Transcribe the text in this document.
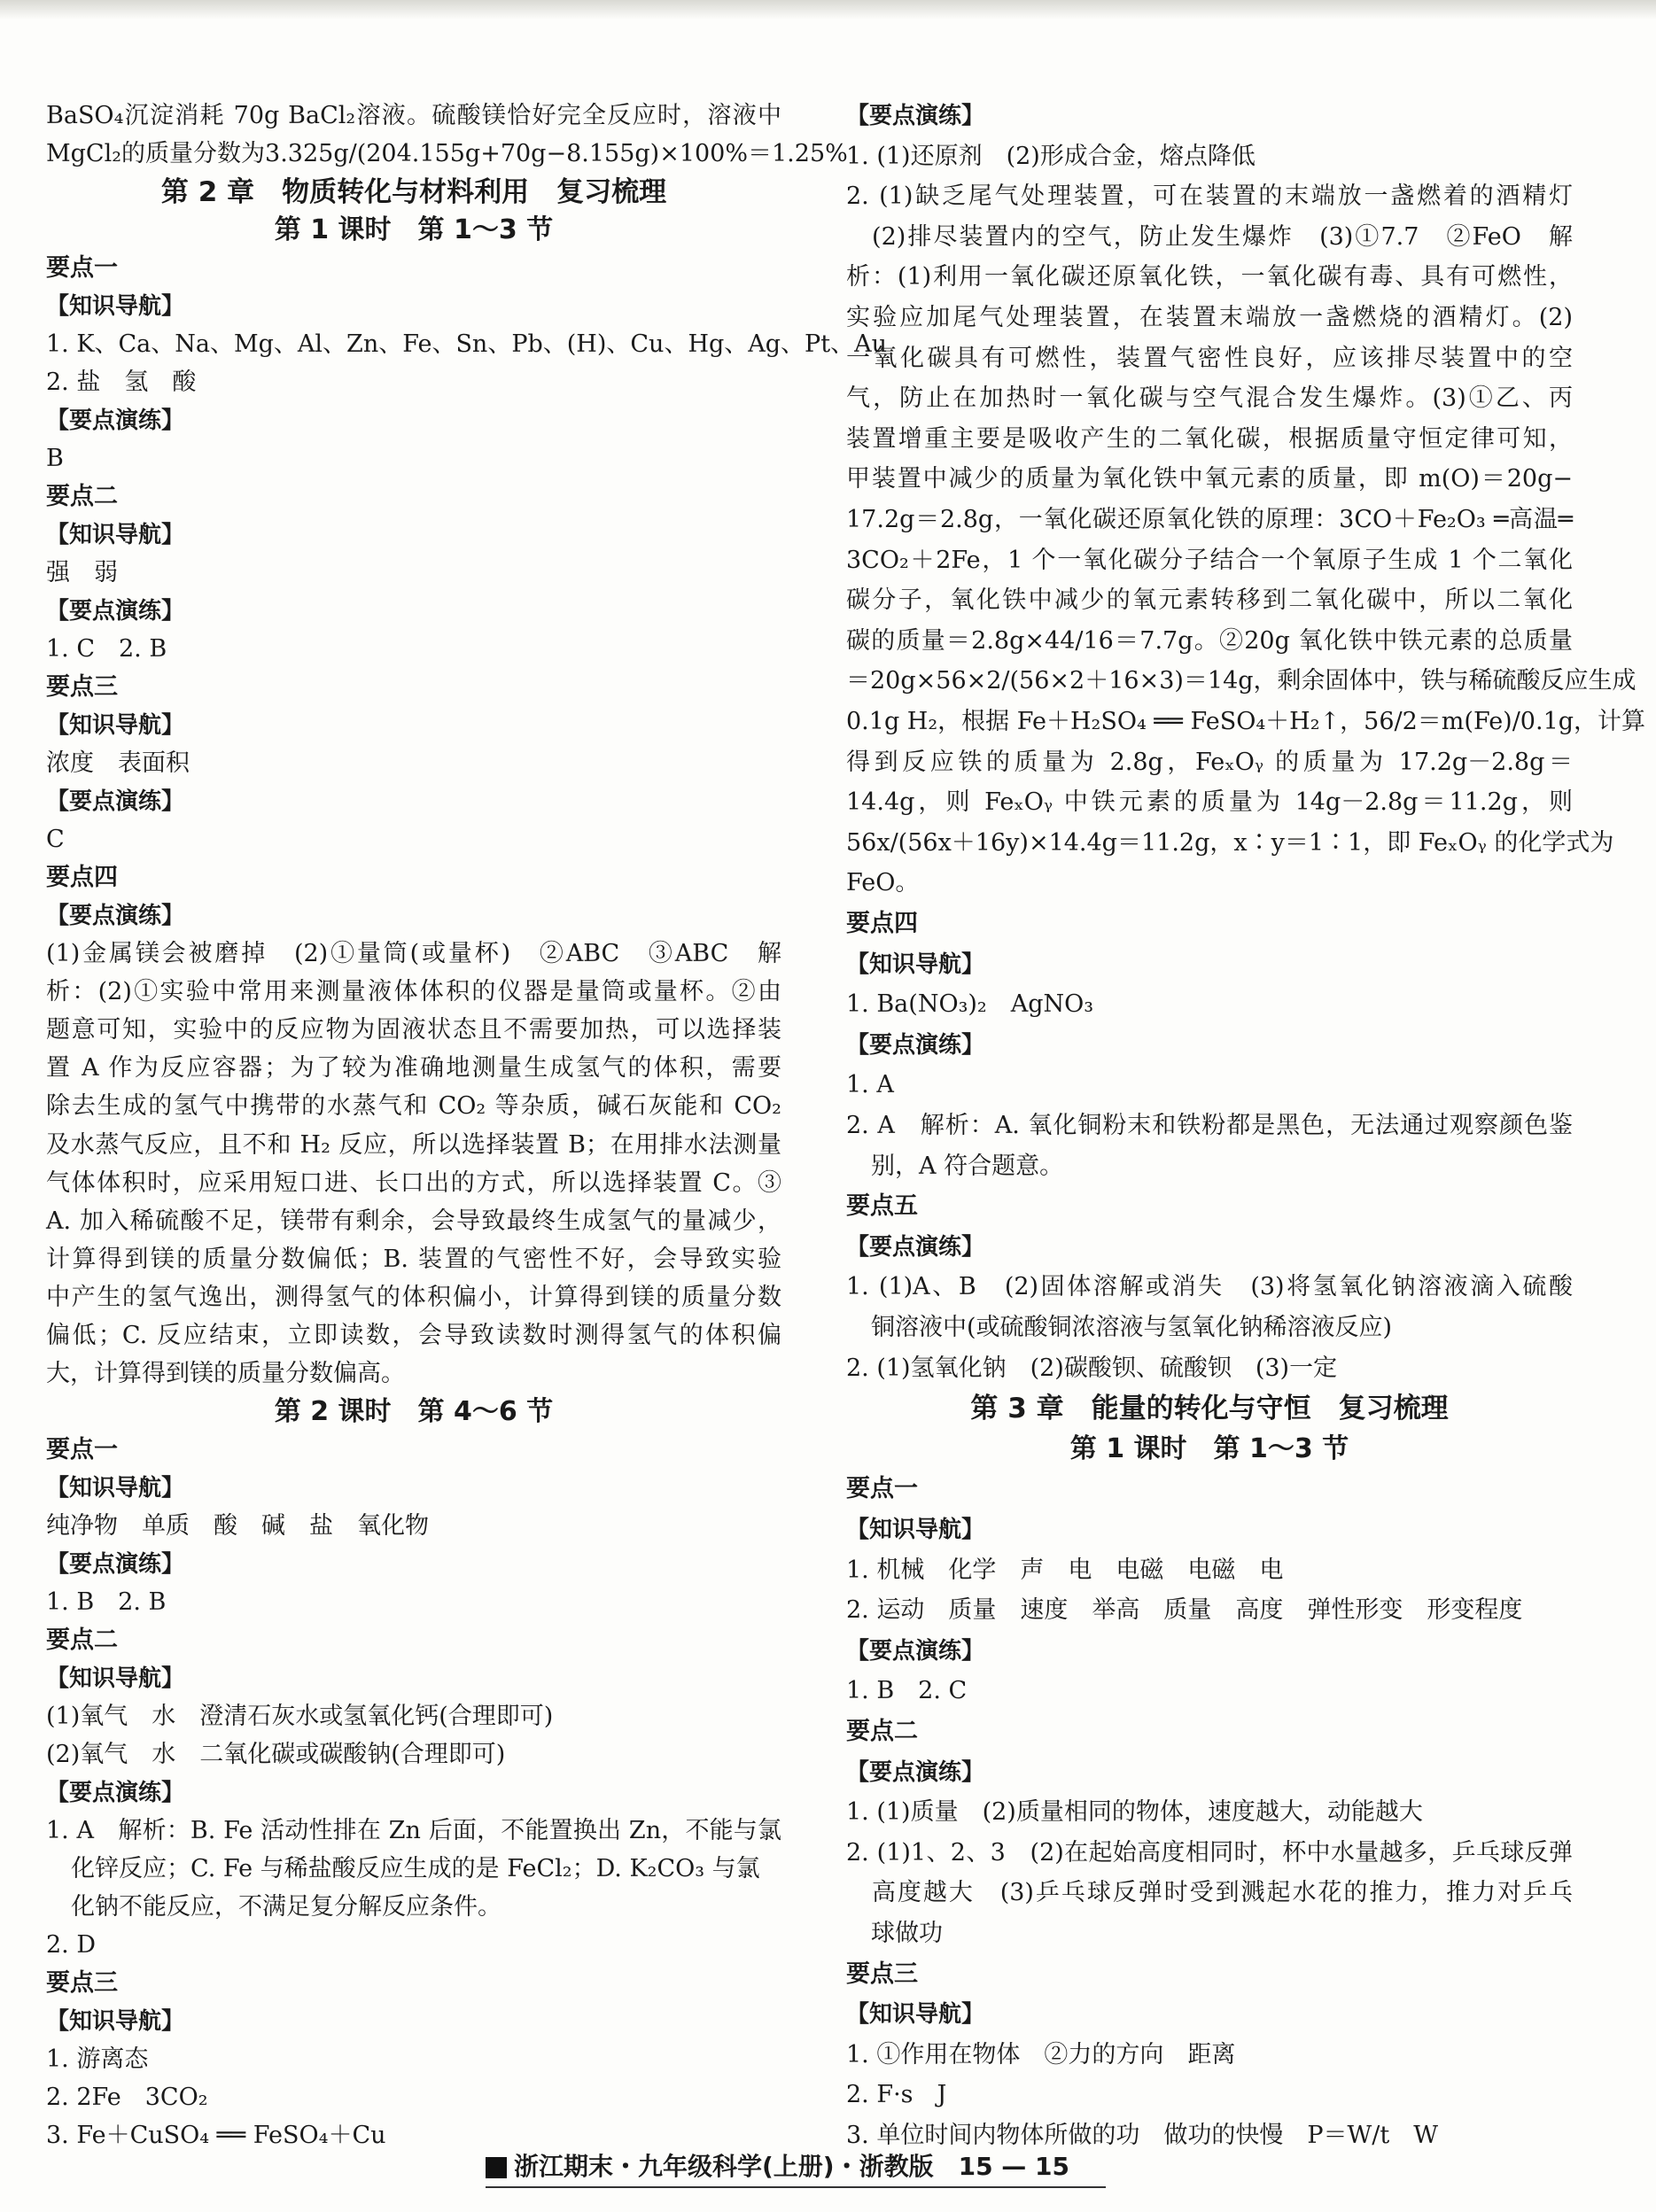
BaSO₄沉淀消耗 70g BaCl₂溶液。硫酸镁恰好完全反应时，溶液中

MgCl₂的质量分数为3.325g/(204.155g+70g−8.155g)×100%＝1.25%

第 2 章　物质转化与材料利用　复习梳理

第 1 课时　第 1～3 节

要点一

【知识导航】

1. K、Ca、Na、Mg、Al、Zn、Fe、Sn、Pb、(H)、Cu、Hg、Ag、Pt、Au

2. 盐　氢　酸

【要点演练】

B

要点二

【知识导航】

强　弱

【要点演练】

1. C　2. B

要点三

【知识导航】

浓度　表面积

【要点演练】

C

要点四

【要点演练】

(1)金属镁会被磨掉　(2)①量筒(或量杯)　②ABC　③ABC　解

析：(2)①实验中常用来测量液体体积的仪器是量筒或量杯。②由

题意可知，实验中的反应物为固液状态且不需要加热，可以选择装

置 A 作为反应容器；为了较为准确地测量生成氢气的体积，需要

除去生成的氢气中携带的水蒸气和 CO₂ 等杂质，碱石灰能和 CO₂

及水蒸气反应，且不和 H₂ 反应，所以选择装置 B；在用排水法测量

气体体积时，应采用短口进、长口出的方式，所以选择装置 C。③

A. 加入稀硫酸不足，镁带有剩余，会导致最终生成氢气的量减少，

计算得到镁的质量分数偏低；B. 装置的气密性不好，会导致实验

中产生的氢气逸出，测得氢气的体积偏小，计算得到镁的质量分数

偏低；C. 反应结束，立即读数，会导致读数时测得氢气的体积偏

大，计算得到镁的质量分数偏高。

第 2 课时　第 4～6 节

要点一

【知识导航】

纯净物　单质　酸　碱　盐　氧化物

【要点演练】

1. B　2. B

要点二

【知识导航】

(1)氧气　水　澄清石灰水或氢氧化钙(合理即可)

(2)氧气　水　二氧化碳或碳酸钠(合理即可)

【要点演练】

1. A　解析：B. Fe 活动性排在 Zn 后面，不能置换出 Zn，不能与氯

化锌反应；C. Fe 与稀盐酸反应生成的是 FeCl₂；D. K₂CO₃ 与氯

化钠不能反应，不满足复分解反应条件。

2. D

要点三

【知识导航】

1. 游离态

2. 2Fe　3CO₂

3. Fe＋CuSO₄ ══ FeSO₄＋Cu

【要点演练】

1. (1)还原剂　(2)形成合金，熔点降低

2. (1)缺乏尾气处理装置，可在装置的末端放一盏燃着的酒精灯

　(2)排尽装置内的空气，防止发生爆炸　(3)①7.7　②FeO　解

析：(1)利用一氧化碳还原氧化铁，一氧化碳有毒、具有可燃性，

实验应加尾气处理装置，在装置末端放一盏燃烧的酒精灯。(2)

一氧化碳具有可燃性，装置气密性良好，应该排尽装置中的空

气，防止在加热时一氧化碳与空气混合发生爆炸。(3)①乙、丙

装置增重主要是吸收产生的二氧化碳，根据质量守恒定律可知，

甲装置中减少的质量为氧化铁中氧元素的质量，即 m(O)＝20g−

17.2g＝2.8g，一氧化碳还原氧化铁的原理：3CO＋Fe₂O₃ ═高温═

3CO₂＋2Fe，1 个一氧化碳分子结合一个氧原子生成 1 个二氧化

碳分子，氧化铁中减少的氧元素转移到二氧化碳中，所以二氧化

碳的质量＝2.8g×44/16＝7.7g。②20g 氧化铁中铁元素的总质量

＝20g×56×2/(56×2＋16×3)＝14g，剩余固体中，铁与稀硫酸反应生成

0.1g H₂，根据 Fe＋H₂SO₄ ══ FeSO₄＋H₂↑，56/2＝m(Fe)/0.1g，计算

得到反应铁的质量为 2.8g，FeₓOᵧ 的质量为 17.2g－2.8g＝

14.4g，则 FeₓOᵧ 中铁元素的质量为 14g－2.8g＝11.2g，则

56x/(56x＋16y)×14.4g＝11.2g，x∶y＝1∶1，即 FeₓOᵧ 的化学式为

FeO。

要点四

【知识导航】

1. Ba(NO₃)₂　AgNO₃

【要点演练】

1. A

2. A　解析：A. 氧化铜粉末和铁粉都是黑色，无法通过观察颜色鉴

别，A 符合题意。

要点五

【要点演练】

1. (1)A、B　(2)固体溶解或消失　(3)将氢氧化钠溶液滴入硫酸

铜溶液中(或硫酸铜浓溶液与氢氧化钠稀溶液反应)

2. (1)氢氧化钠　(2)碳酸钡、硫酸钡　(3)一定

第 3 章　能量的转化与守恒　复习梳理

第 1 课时　第 1～3 节

要点一

【知识导航】

1. 机械　化学　声　电　电磁　电磁　电

2. 运动　质量　速度　举高　质量　高度　弹性形变　形变程度

【要点演练】

1. B　2. C

要点二

【要点演练】

1. (1)质量　(2)质量相同的物体，速度越大，动能越大

2. (1)1、2、3　(2)在起始高度相同时，杯中水量越多，乒乓球反弹

　高度越大　(3)乒乓球反弹时受到溅起水花的推力，推力对乒乓

球做功

要点三

【知识导航】

1. ①作用在物体　②力的方向　距离

2. F·s　J

3. 单位时间内物体所做的功　做功的快慢　P＝W/t　W

浙江期末・九年级科学(上册)・浙教版　15 — 15
